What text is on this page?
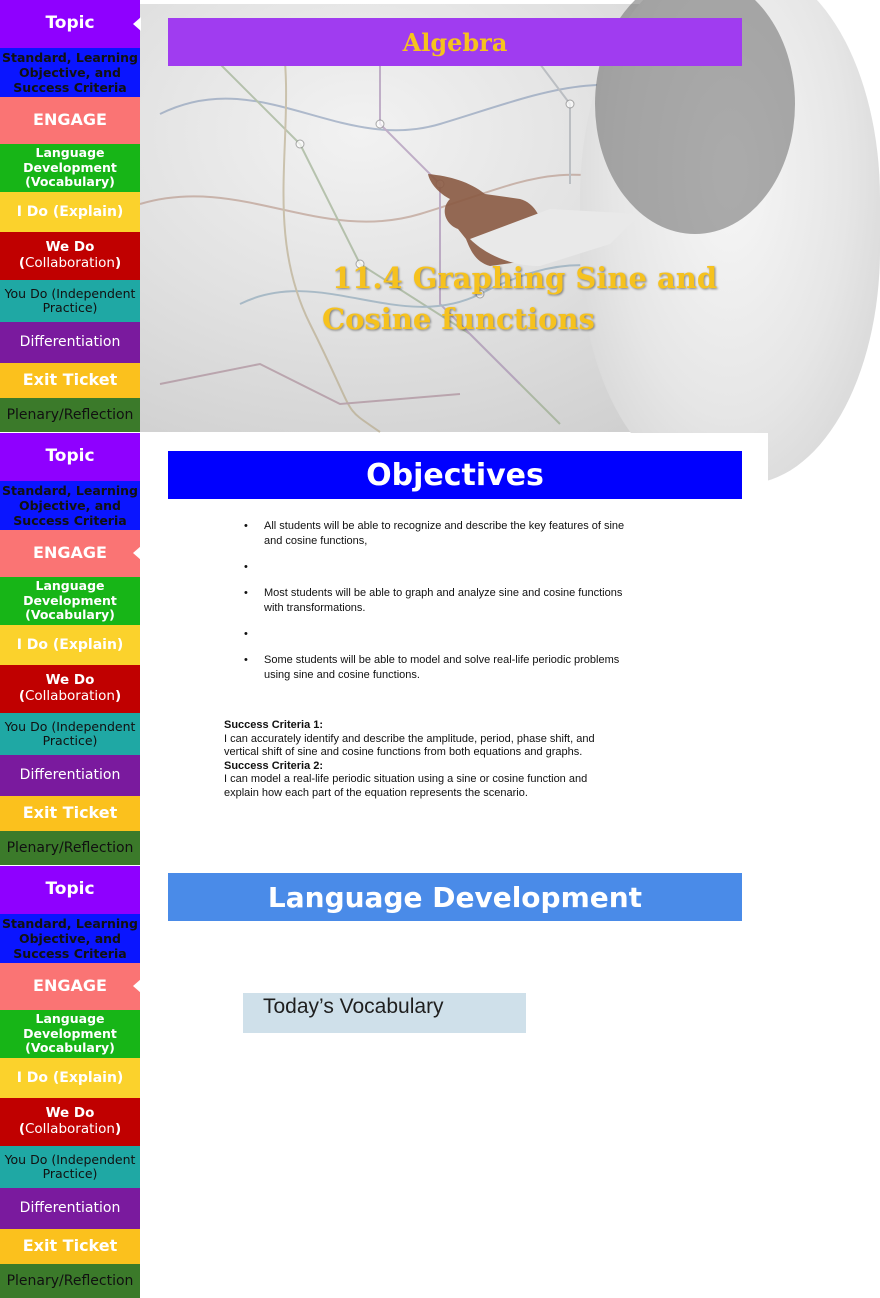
Algebra
11.4 Graphing Sine and
Cosine functions
Topic
Standard, Learning Objective, and Success Criteria
ENGAGE
Language Development (Vocabulary)
I Do (Explain)
We Do
(Collaboration)
You Do (Independent Practice)
Differentiation
Exit Ticket
Plenary/Reflection
Objectives
• All students will be able to recognize and describe the key features of sine and cosine functions,
•
• Most students will be able to graph and analyze sine and cosine functions with transformations.
•
• Some students will be able to model and solve real-life periodic problems using sine and cosine functions.
Success Criteria 1:

I can accurately identify and describe the amplitude, period, phase shift, and vertical shift of sine and cosine functions from both equations and graphs.

Success Criteria 2:

I can model a real-life periodic situation using a sine or cosine function and explain how each part of the equation represents the scenario.

Topic
Standard, Learning Objective, and Success Criteria
ENGAGE
Language Development (Vocabulary)
I Do (Explain)
We Do
(Collaboration)
You Do (Independent Practice)
Differentiation
Exit Ticket
Plenary/Reflection
Language Development
Today’s Vocabulary
Topic
Standard, Learning Objective, and Success Criteria
ENGAGE
Language Development (Vocabulary)
I Do (Explain)
We Do
(Collaboration)
You Do (Independent Practice)
Differentiation
Exit Ticket
Plenary/Reflection
